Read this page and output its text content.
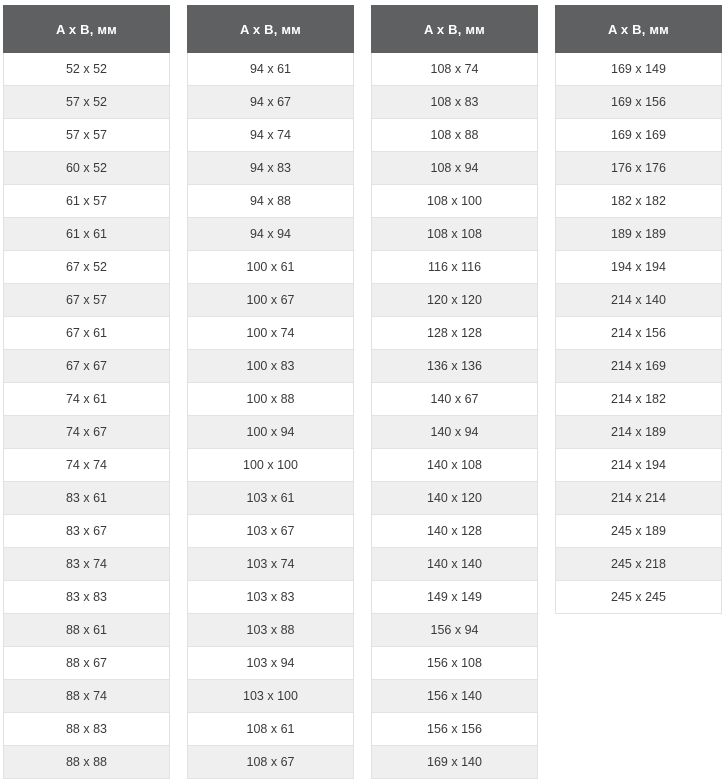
A x B, мм
52 x 52
57 x 52
57 x 57
60 x 52
61 x 57
61 x 61
67 x 52
67 x 57
67 x 61
67 x 67
74 x 61
74 x 67
74 x 74
83 x 61
83 x 67
83 x 74
83 x 83
88 x 61
88 x 67
88 x 74
88 x 83
88 x 88
A x B, мм
94 x 61
94 x 67
94 x 74
94 x 83
94 x 88
94 x 94
100 x 61
100 x 67
100 x 74
100 x 83
100 x 88
100 x 94
100 x 100
103 x 61
103 x 67
103 x 74
103 x 83
103 x 88
103 x 94
103 x 100
108 x 61
108 x 67
A x B, мм
108 x 74
108 x 83
108 x 88
108 x 94
108 x 100
108 x 108
116 x 116
120 x 120
128 x 128
136 x 136
140 x 67
140 x 94
140 x 108
140 x 120
140 x 128
140 x 140
149 x 149
156 x 94
156 x 108
156 x 140
156 x 156
169 x 140
A x B, мм
169 x 149
169 x 156
169 x 169
176 x 176
182 x 182
189 x 189
194 x 194
214 x 140
214 x 156
214 x 169
214 x 182
214 x 189
214 x 194
214 x 214
245 x 189
245 x 218
245 x 245
